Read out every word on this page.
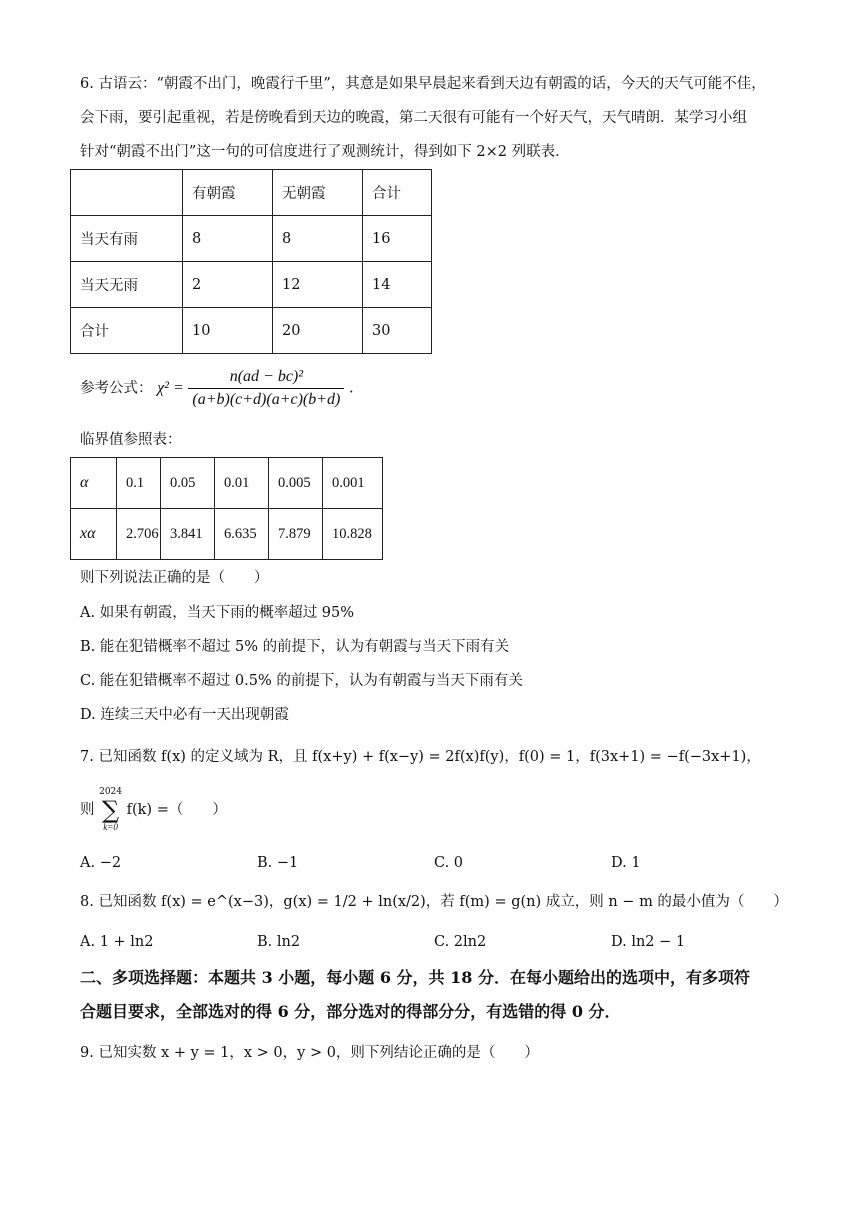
6. 古语云：“朝霞不出门，晚霞行千里”，其意是如果早晨起来看到天边有朝霞的话，今天的天气可能不佳，
会下雨，要引起重视，若是傍晚看到天边的晚霞，第二天很有可能有一个好天气，天气晴朗．某学习小组
针对“朝霞不出门”这一句的可信度进行了观测统计，得到如下 2×2 列联表．
	有朝霞	无朝霞	合计
当天有雨	8	8	16
当天无雨	2	12	14
合计	10	20	30
参考公式： $\chi^2 = \frac{\text{n(ad − bc)²}}{(a+b)(c+d)(a+c)(b+d)}$ .
临界值参照表：
α	0.1	0.05	0.01	0.005	0.001
xα	2.706	3.841	6.635	7.879	10.828
则下列说法正确的是（　　）
A. 如果有朝霞，当天下雨的概率超过 95%
B. 能在犯错概率不超过 5% 的前提下，认为有朝霞与当天下雨有关
C. 能在犯错概率不超过 0.5% 的前提下，认为有朝霞与当天下雨有关
D. 连续三天中必有一天出现朝霞
7. 已知函数 f(x) 的定义域为 R，且 f(x+y) + f(x−y) = 2f(x)f(y)，f(0) = 1，f(3x+1) = −f(−3x+1)，
则
2024
∑
k=0
f(k) =（　　）
A. −2	B. −1	C. 0	D. 1
8. 已知函数 f(x) = e^(x−3)，g(x) = 1/2 + ln(x/2)，若 f(m) = g(n) 成立，则 n − m 的最小值为（　　）
A. 1 + ln2	B. ln2	C. 2ln2	D. ln2 − 1
二、多项选择题：本题共 3 小题，每小题 6 分，共 18 分．在每小题给出的选项中，有多项符
合题目要求，全部选对的得 6 分，部分选对的得部分分，有选错的得 0 分．
9. 已知实数 x + y = 1，x > 0，y > 0，则下列结论正确的是（　　）
